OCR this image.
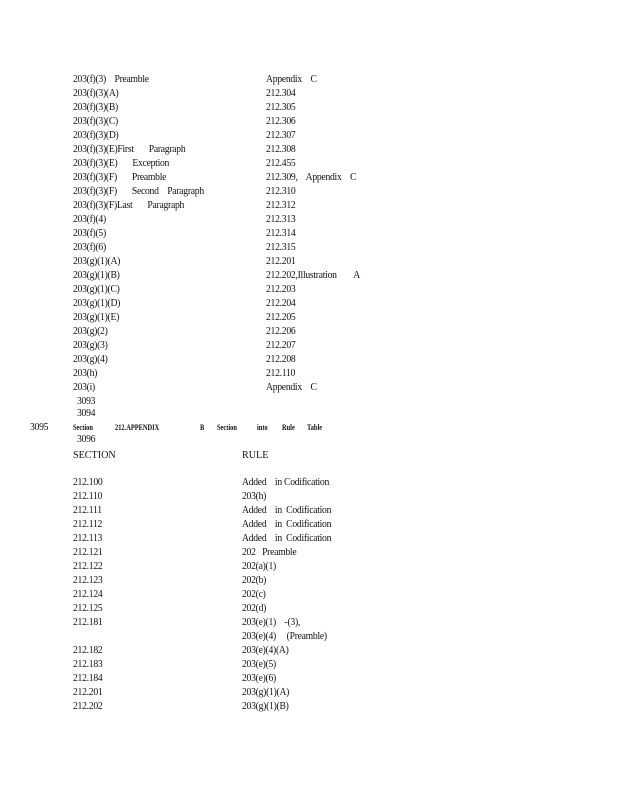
203(f)(3)    Preamble	Appendix    C
203(f)(3)(A)	212.304
203(f)(3)(B)	212.305
203(f)(3)(C)	212.306
203(f)(3)(D)	212.307
203(f)(3)(E)First       Paragraph	212.308
203(f)(3)(E)       Exception	212.455
203(f)(3)(F)       Preamble	212.309,    Appendix    C
203(f)(3)(F)       Second    Paragraph	212.310
203(f)(3)(F)Last       Paragraph	212.312
203(f)(4)	212.313
203(f)(5)	212.314
203(f)(6)	212.315
203(g)(1)(A)	212.201
203(g)(1)(B)	212.202,Illustration        A
203(g)(1)(C)	212.203
203(g)(1)(D)	212.204
203(g)(1)(E)	212.205
203(g)(2)	212.206
203(g)(3)	212.207
203(g)(4)	212.208
203(h)	212.110
203(i)	Appendix    C
3093
3094
3095	Section	212.APPENDIX	B Section	into Rule Table
3096
SECTION	RULE
212.100	Added    in Codification
212.110	203(h)
212.111	Added    in  Codification
212.112	Added    in  Codification
212.113	Added    in  Codification
212.121	202   Preamble
212.122	202(a)(1)
212.123	202(b)
212.124	202(c)
212.125	202(d)
212.181	203(e)(1)    -(3),
203(e)(4)     (Preamble)
212.182	203(e)(4)(A)
212.183	203(e)(5)
212.184	203(e)(6)
212.201	203(g)(1)(A)
212.202	203(g)(1)(B)
